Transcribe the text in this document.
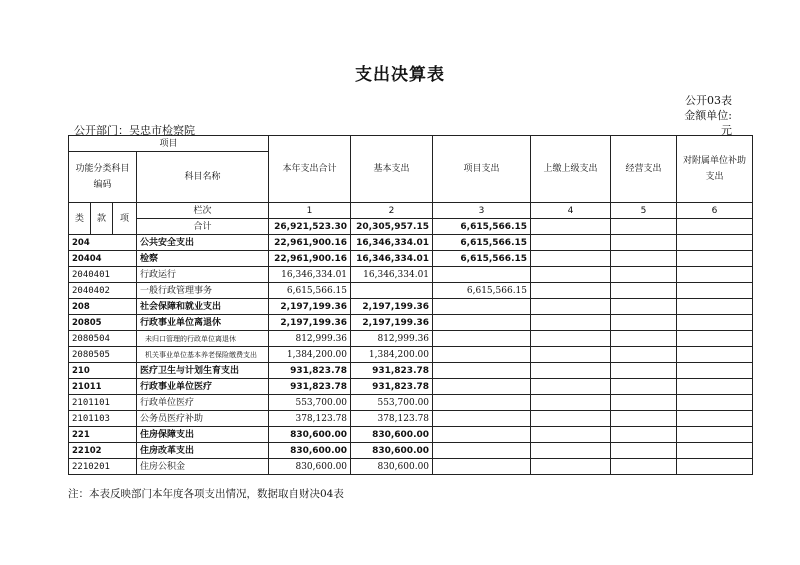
支出决算表
公开03表
金额单位:
元
公开部门：吴忠市检察院
项目				本年支出合计	基本支出	项目支出	上缴上级支出	经营支出	对附属单位补助支出
功能分类科目编码			科目名称						

类	款	项	栏次	1	2	3	4	5	6
			合计	26,921,523.30	20,305,957.15	6,615,566.15			
204			公共安全支出	22,961,900.16	16,346,334.01	6,615,566.15			
20404			检察	22,961,900.16	16,346,334.01	6,615,566.15			
2040401			行政运行	16,346,334.01	16,346,334.01				
2040402			一般行政管理事务	6,615,566.15		6,615,566.15			
208			社会保障和就业支出	2,197,199.36	2,197,199.36				
20805			行政事业单位离退休	2,197,199.36	2,197,199.36				
2080504			未归口管理的行政单位离退休	812,999.36	812,999.36				
2080505			机关事业单位基本养老保险缴费支出	1,384,200.00	1,384,200.00				
210			医疗卫生与计划生育支出	931,823.78	931,823.78				
21011			行政事业单位医疗	931,823.78	931,823.78				
2101101			行政单位医疗	553,700.00	553,700.00				
2101103			公务员医疗补助	378,123.78	378,123.78				
221			住房保障支出	830,600.00	830,600.00				
22102			住房改革支出	830,600.00	830,600.00				
2210201			住房公积金	830,600.00	830,600.00				
注：本表反映部门本年度各项支出情况，数据取自财决04表
